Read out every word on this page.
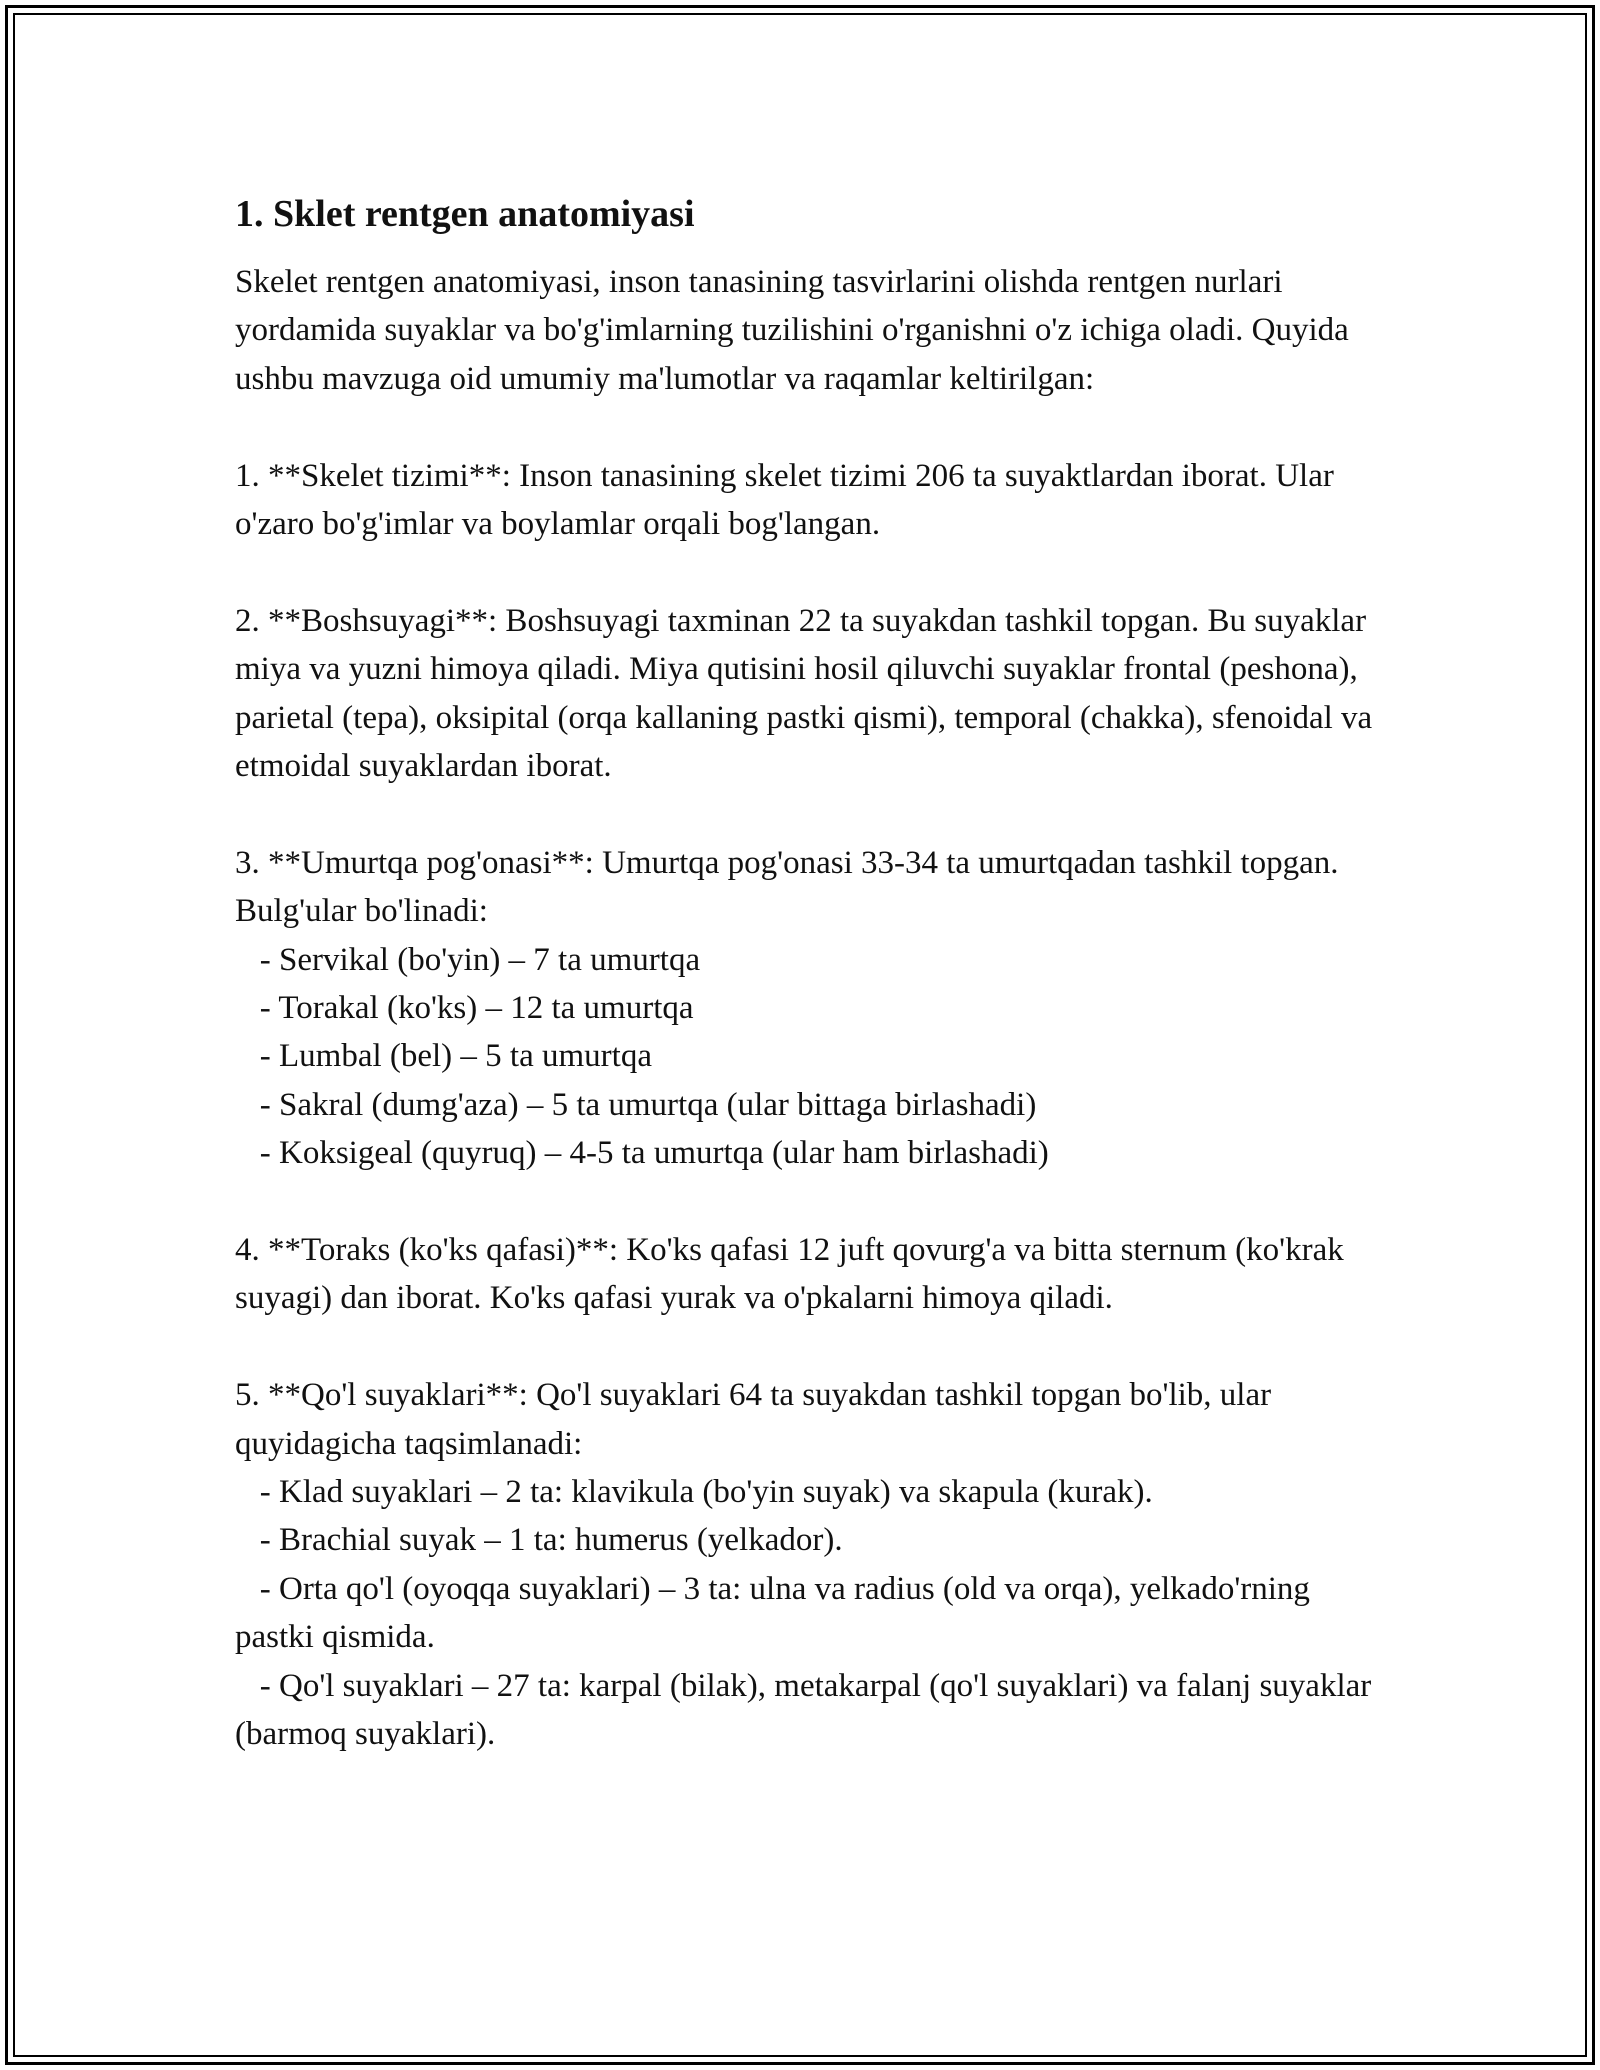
1. Sklet rentgen anatomiyasi

Skelet rentgen anatomiyasi, inson tanasining tasvirlarini olishda rentgen nurlari yordamida suyaklar va bo'g'imlarning tuzilishini o'rganishni o'z ichiga oladi. Quyida ushbu mavzuga oid umumiy ma'lumotlar va raqamlar keltirilgan:

1. **Skelet tizimi**: Inson tanasining skelet tizimi 206 ta suyaktlardan iborat. Ular o'zaro bo'g'imlar va boylamlar orqali bog'langan.

2. **Boshsuyagi**: Boshsuyagi taxminan 22 ta suyakdan tashkil topgan. Bu suyaklar miya va yuzni himoya qiladi. Miya qutisini hosil qiluvchi suyaklar frontal (peshona), parietal (tepa), oksipital (orqa kallaning pastki qismi), temporal (chakka), sfenoidal va etmoidal suyaklardan iborat.

3. **Umurtqa pog'onasi**: Umurtqa pog'onasi 33-34 ta umurtqadan tashkil topgan. Bulg'ular bo'linadi:

- Servikal (bo'yin) – 7 ta umurtqa
- Torakal (ko'ks) – 12 ta umurtqa
- Lumbal (bel) – 5 ta umurtqa
- Sakral (dumg'aza) – 5 ta umurtqa (ular bittaga birlashadi)
- Koksigeal (quyruq) – 4-5 ta umurtqa (ular ham birlashadi)

4. **Toraks (ko'ks qafasi)**: Ko'ks qafasi 12 juft qovurg'a va bitta sternum (ko'krak suyagi) dan iborat. Ko'ks qafasi yurak va o'pkalarni himoya qiladi.

5. **Qo'l suyaklari**: Qo'l suyaklari 64 ta suyakdan tashkil topgan bo'lib, ular quyidagicha taqsimlanadi:

- Klad suyaklari – 2 ta: klavikula (bo'yin suyak) va skapula (kurak).
- Brachial suyak – 1 ta: humerus (yelkador).
- Orta qo'l (oyoqqa suyaklari) – 3 ta: ulna va radius (old va orqa), yelkado'rning pastki qismida.
- Qo'l suyaklari – 27 ta: karpal (bilak), metakarpal (qo'l suyaklari) va falanj suyaklar (barmoq suyaklari).
